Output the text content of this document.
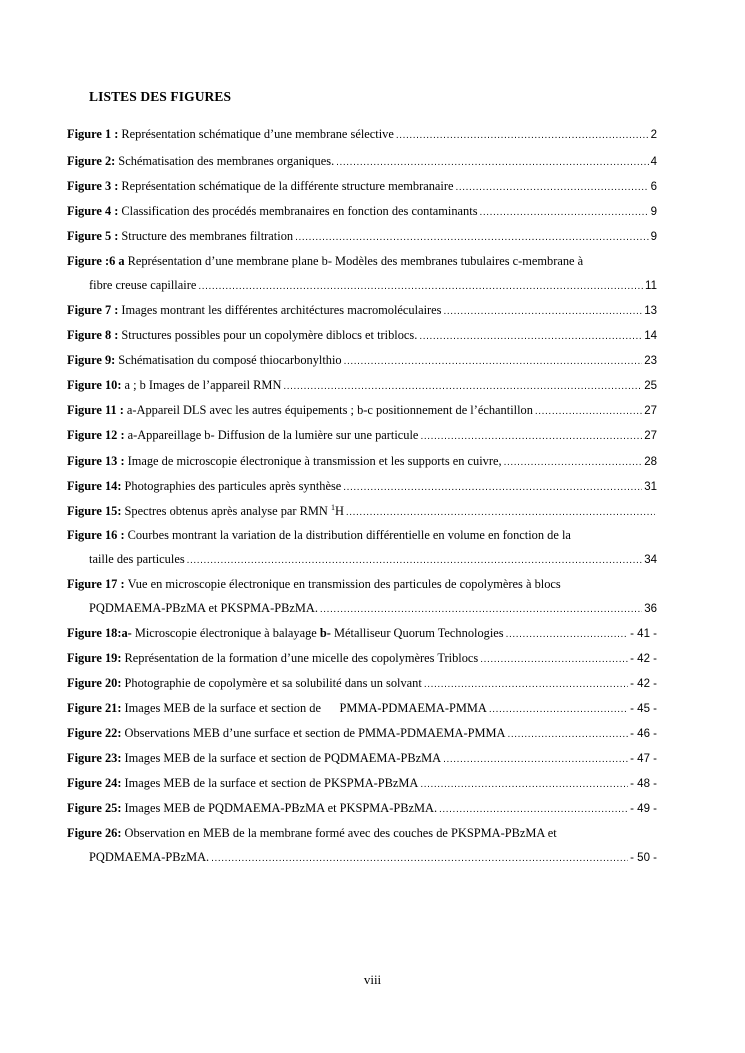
LISTES DES FIGURES
Figure 1 : Représentation schématique d’une membrane sélective .....	2
Figure 2: Schématisation des membranes organiques. .....	4
Figure 3 : Représentation schématique de la différente structure membranaire .....	6
Figure 4 : Classification des procédés membranaires en fonction des contaminants .....	9
Figure 5 : Structure des membranes filtration .....	9
Figure :6 a Représentation d’une membrane plane b- Modèles des membranes tubulaires c-membrane à
fibre creuse capillaire .....	11
Figure 7 : Images montrant les différentes architéctures macromoléculaires .....	13
Figure 8 : Structures possibles pour un copolymère diblocs et triblocs. .....	14
Figure 9: Schématisation du composé thiocarbonylthio .....	23
Figure 10: a ; b Images de l’appareil RMN .....	25
Figure 11 : a-Appareil DLS avec les autres équipements ; b-c positionnement de l’échantillon .....	27
Figure 12 : a-Appareillage b- Diffusion de la lumière sur une particule .....	27
Figure 13 : Image de microscopie électronique à transmission et les supports en cuivre, .....	28
Figure 14: Photographies des particules après synthèse .....	31
Figure 15: Spectres obtenus après analyse par RMN $^1$H
.....
Figure 16 : Courbes montrant la variation de la distribution différentielle en volume en fonction de la
taille des particules .....	34
Figure 17 : Vue en microscopie électronique en transmission des particules de copolymères à blocs
PQDMAEMA-PBzMA et PKSPMA-PBzMA. .....	36
Figure 18:a- Microscopie électronique à balayage b- Métalliseur Quorum Technologies .....	- 41 -
Figure 19: Représentation de la formation d’une micelle des copolymères Triblocs .....	- 42 -
Figure 20: Photographie de copolymère et sa solubilité dans un solvant .....	- 42 -
Figure 21: Images MEB de la surface et section de      PMMA-PDMAEMA-PMMA .....	- 45 -
Figure 22: Observations MEB d’une surface et section de PMMA-PDMAEMA-PMMA .....	- 46 -
Figure 23: Images MEB de la surface et section de PQDMAEMA-PBzMA .....	- 47 -
Figure 24: Images MEB de la surface et section de PKSPMA-PBzMA .....	- 48 -
Figure 25: Images MEB de PQDMAEMA-PBzMA et PKSPMA-PBzMA. .....	- 49 -
Figure 26: Observation en MEB de la membrane formé avec des couches de PKSPMA-PBzMA et
PQDMAEMA-PBzMA. .....	- 50 -
viii
